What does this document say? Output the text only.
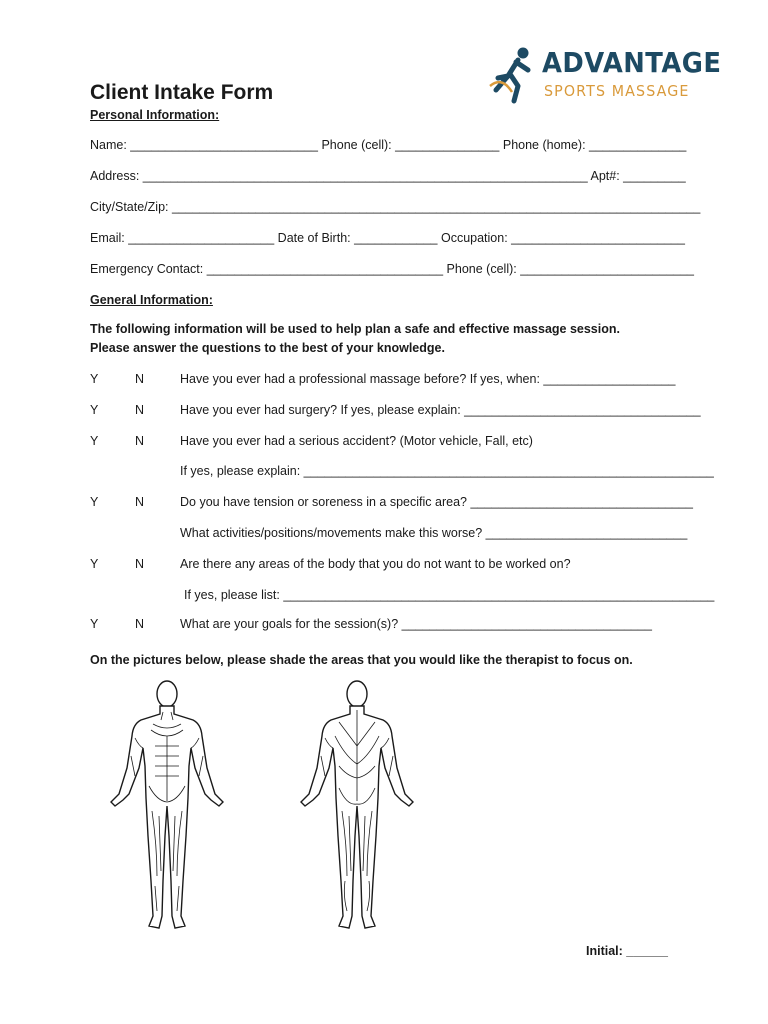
ADVANTAGE
SPORTS MASSAGE
Client Intake Form
Personal Information:
Name: ___________________________ Phone (cell): _______________ Phone (home): ______________
Address: ________________________________________________________________ Apt#: _________
City/State/Zip: ____________________________________________________________________________
Email: _____________________ Date of Birth: ____________ Occupation: _________________________
Emergency Contact: __________________________________ Phone (cell): _________________________
General Information:
The following information will be used to help plan a safe and effective massage session.
Please answer the questions to the best of your knowledge.
Y	N	Have you ever had a professional massage before? If yes, when: ___________________
Y	N	Have you ever had surgery? If yes, please explain: __________________________________
Y	N	Have you ever had a serious accident? (Motor vehicle, Fall, etc)
If yes, please explain: ___________________________________________________________
Y	N	Do you have tension or soreness in a specific area? ________________________________
What activities/positions/movements make this worse? _____________________________
Y	N	Are there any areas of the body that you do not want to be worked on?
If yes, please list: ______________________________________________________________
Y	N	What are your goals for the session(s)? ____________________________________
On the pictures below, please shade the areas that you would like the therapist to focus on.
Initial: ______
